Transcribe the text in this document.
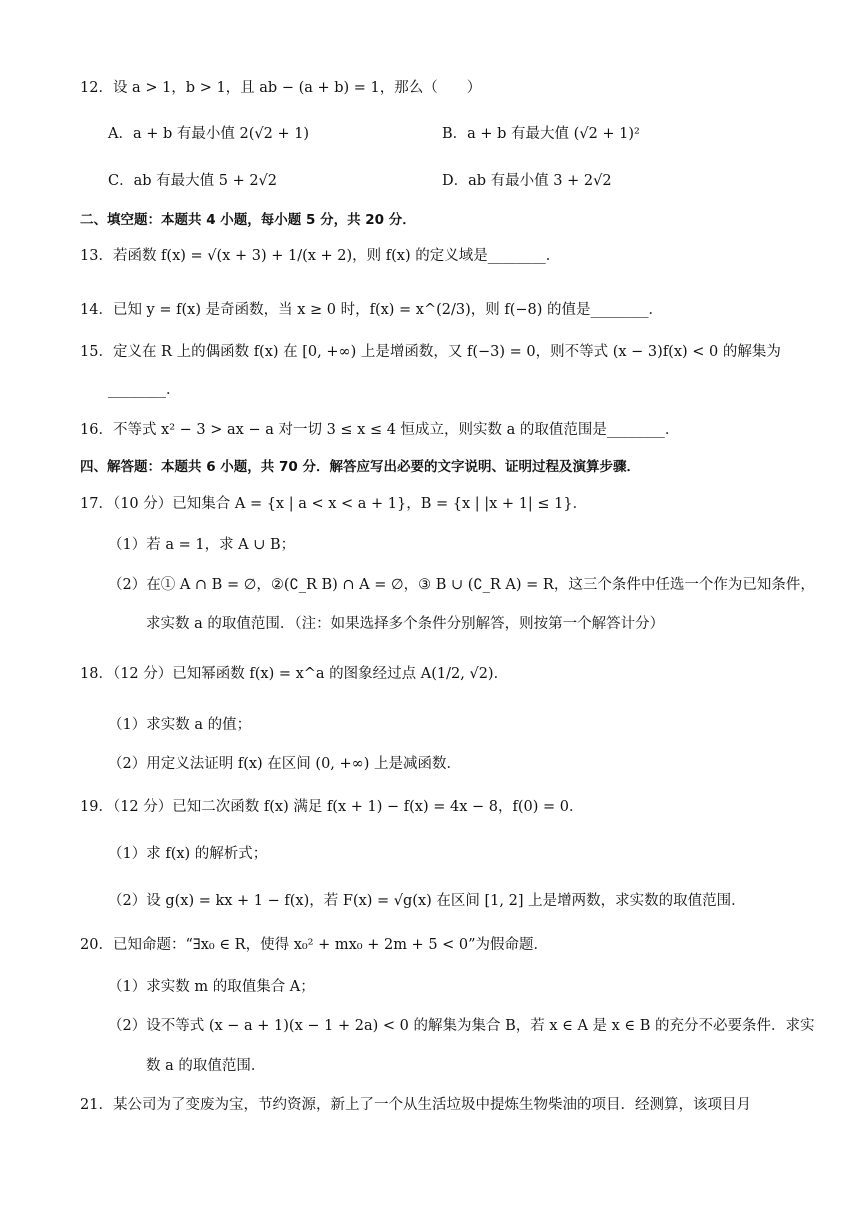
12．设 a > 1，b > 1，且 ab − (a + b) = 1，那么（　　）
A．a + b 有最小值 2(√2 + 1)	B．a + b 有最大值 (√2 + 1)²
C．ab 有最大值 5 + 2√2	D．ab 有最小值 3 + 2√2
二、填空题：本题共 4 小题，每小题 5 分，共 20 分．
13．若函数 f(x) = √(x + 3) + 1/(x + 2)，则 f(x) 的定义域是________．
14．已知 y = f(x) 是奇函数，当 x ≥ 0 时，f(x) = x^(2/3)，则 f(−8) 的值是________．
15．定义在 R 上的偶函数 f(x) 在 [0, +∞) 上是增函数，又 f(−3) = 0，则不等式 (x − 3)f(x) < 0 的解集为
________．
16．不等式 x² − 3 > ax − a 对一切 3 ≤ x ≤ 4 恒成立，则实数 a 的取值范围是________．
四、解答题：本题共 6 小题，共 70 分．解答应写出必要的文字说明、证明过程及演算步骤．
17．（10 分）已知集合 A = {x | a < x < a + 1}，B = {x | |x + 1| ≤ 1}．
（1）若 a = 1，求 A ∪ B；
（2）在① A ∩ B = ∅，②(∁_R B) ∩ A = ∅，③ B ∪ (∁_R A) = R，这三个条件中任选一个作为已知条件，
求实数 a 的取值范围．（注：如果选择多个条件分别解答，则按第一个解答计分）
18．（12 分）已知幂函数 f(x) = x^a 的图象经过点 A(1/2, √2)．
（1）求实数 a 的值；
（2）用定义法证明 f(x) 在区间 (0, +∞) 上是减函数．
19．（12 分）已知二次函数 f(x) 满足 f(x + 1) − f(x) = 4x − 8，f(0) = 0．
（1）求 f(x) 的解析式；
（2）设 g(x) = kx + 1 − f(x)，若 F(x) = √g(x) 在区间 [1, 2] 上是增两数，求实数的取值范围．
20．已知命题：“∃x₀ ∈ R，使得 x₀² + mx₀ + 2m + 5 < 0”为假命题．
（1）求实数 m 的取值集合 A；
（2）设不等式 (x − a + 1)(x − 1 + 2a) < 0 的解集为集合 B，若 x ∈ A 是 x ∈ B 的充分不必要条件．求实
数 a 的取值范围．
21．某公司为了变废为宝，节约资源，新上了一个从生活垃圾中提炼生物柴油的项目．经测算，该项目月
